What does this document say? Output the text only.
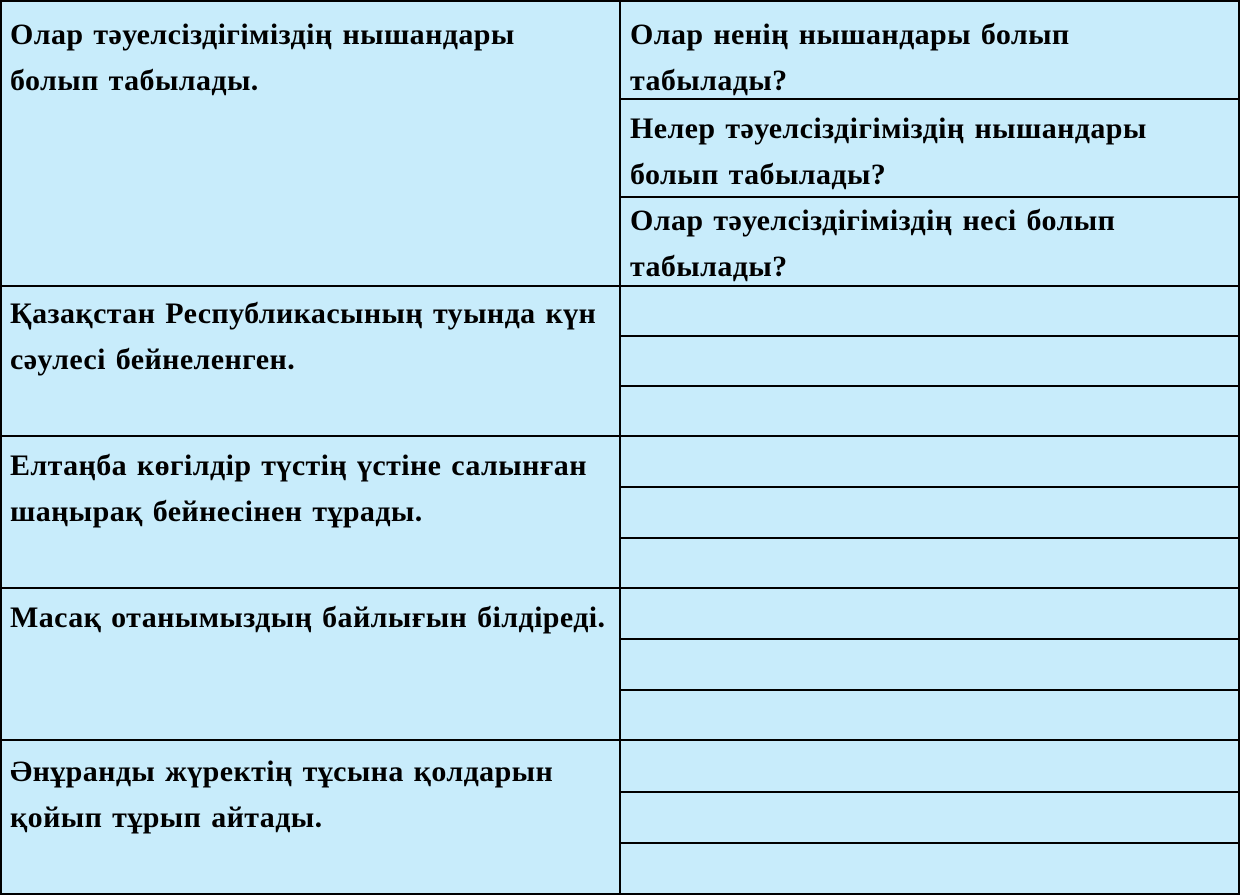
Олар тәуелсіздігіміздің нышандары болып табылады.
Олар ненің нышандары болып табылады?
Нелер тәуелсіздігіміздің нышандары болып табылады?
Олар тәуелсіздігіміздің несі болып табылады?
Қазақстан Республикасының туында күн сәулесі бейнеленген.
Елтаңба көгілдір түстің үстіне салынған шаңырақ бейнесінен тұрады.
Масақ отанымыздың байлығын білдіреді.
Әнұранды жүректің тұсына қолдарын қойып тұрып айтады.
